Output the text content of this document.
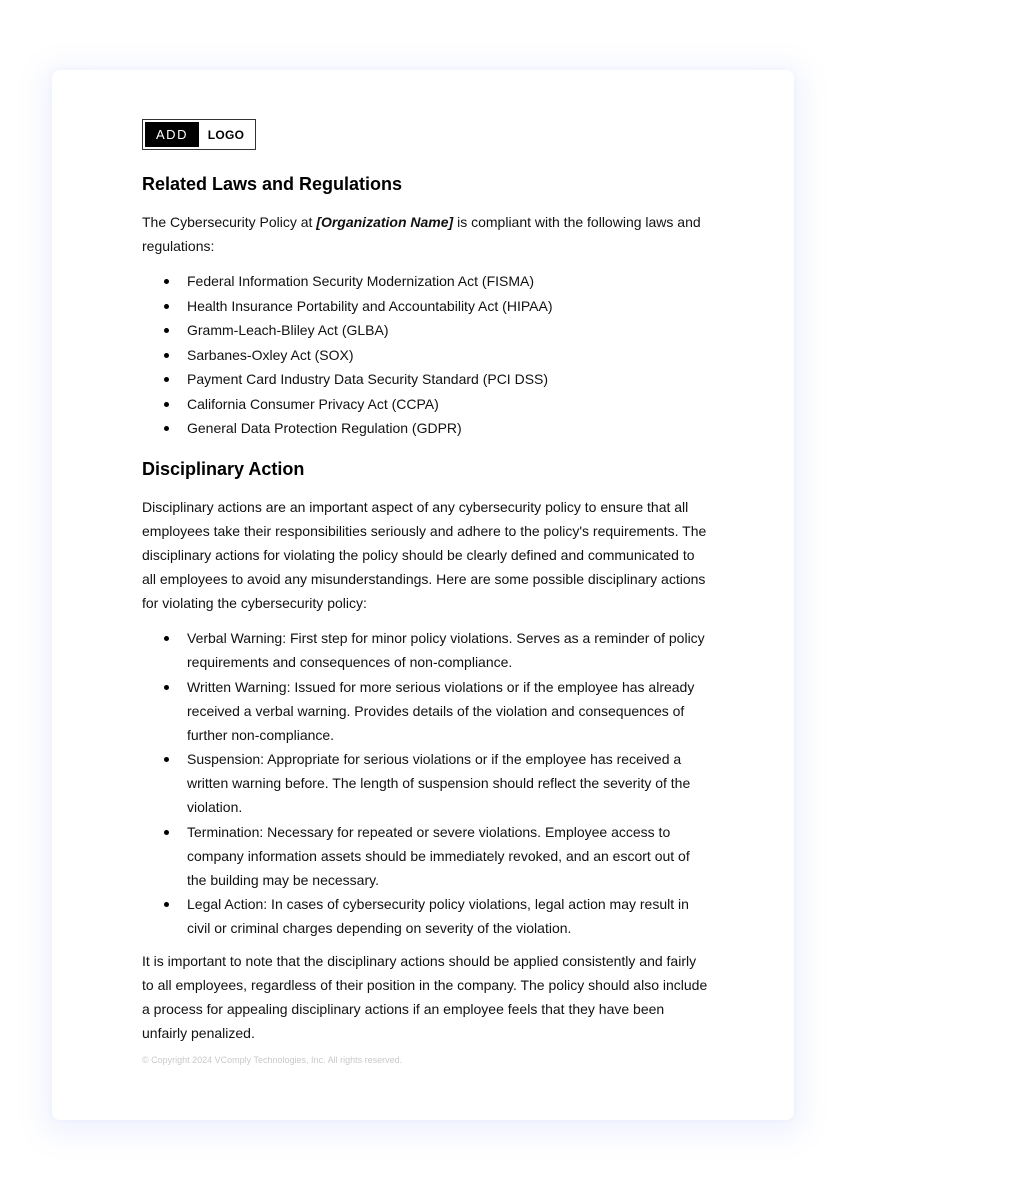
ADD	LOGO
Related Laws and Regulations

The Cybersecurity Policy at [Organization Name] is compliant with the following laws and regulations:

Federal Information Security Modernization Act (FISMA)
Health Insurance Portability and Accountability Act (HIPAA)
Gramm-Leach-Bliley Act (GLBA)
Sarbanes-Oxley Act (SOX)
Payment Card Industry Data Security Standard (PCI DSS)
California Consumer Privacy Act (CCPA)
General Data Protection Regulation (GDPR)
Disciplinary Action

Disciplinary actions are an important aspect of any cybersecurity policy to ensure that all employees take their responsibilities seriously and adhere to the policy's requirements. The disciplinary actions for violating the policy should be clearly defined and communicated to all employees to avoid any misunderstandings. Here are some possible disciplinary actions for violating the cybersecurity policy:

Verbal Warning: First step for minor policy violations. Serves as a reminder of policy requirements and consequences of non-compliance.
Written Warning: Issued for more serious violations or if the employee has already received a verbal warning. Provides details of the violation and consequences of further non-compliance.
Suspension: Appropriate for serious violations or if the employee has received a written warning before. The length of suspension should reflect the severity of the violation.
Termination: Necessary for repeated or severe violations. Employee access to company information assets should be immediately revoked, and an escort out of the building may be necessary.
Legal Action: In cases of cybersecurity policy violations, legal action may result in civil or criminal charges depending on severity of the violation.

It is important to note that the disciplinary actions should be applied consistently and fairly to all employees, regardless of their position in the company. The policy should also include a process for appealing disciplinary actions if an employee feels that they have been unfairly penalized.

© Copyright 2024 VComply Technologies, Inc. All rights reserved.
